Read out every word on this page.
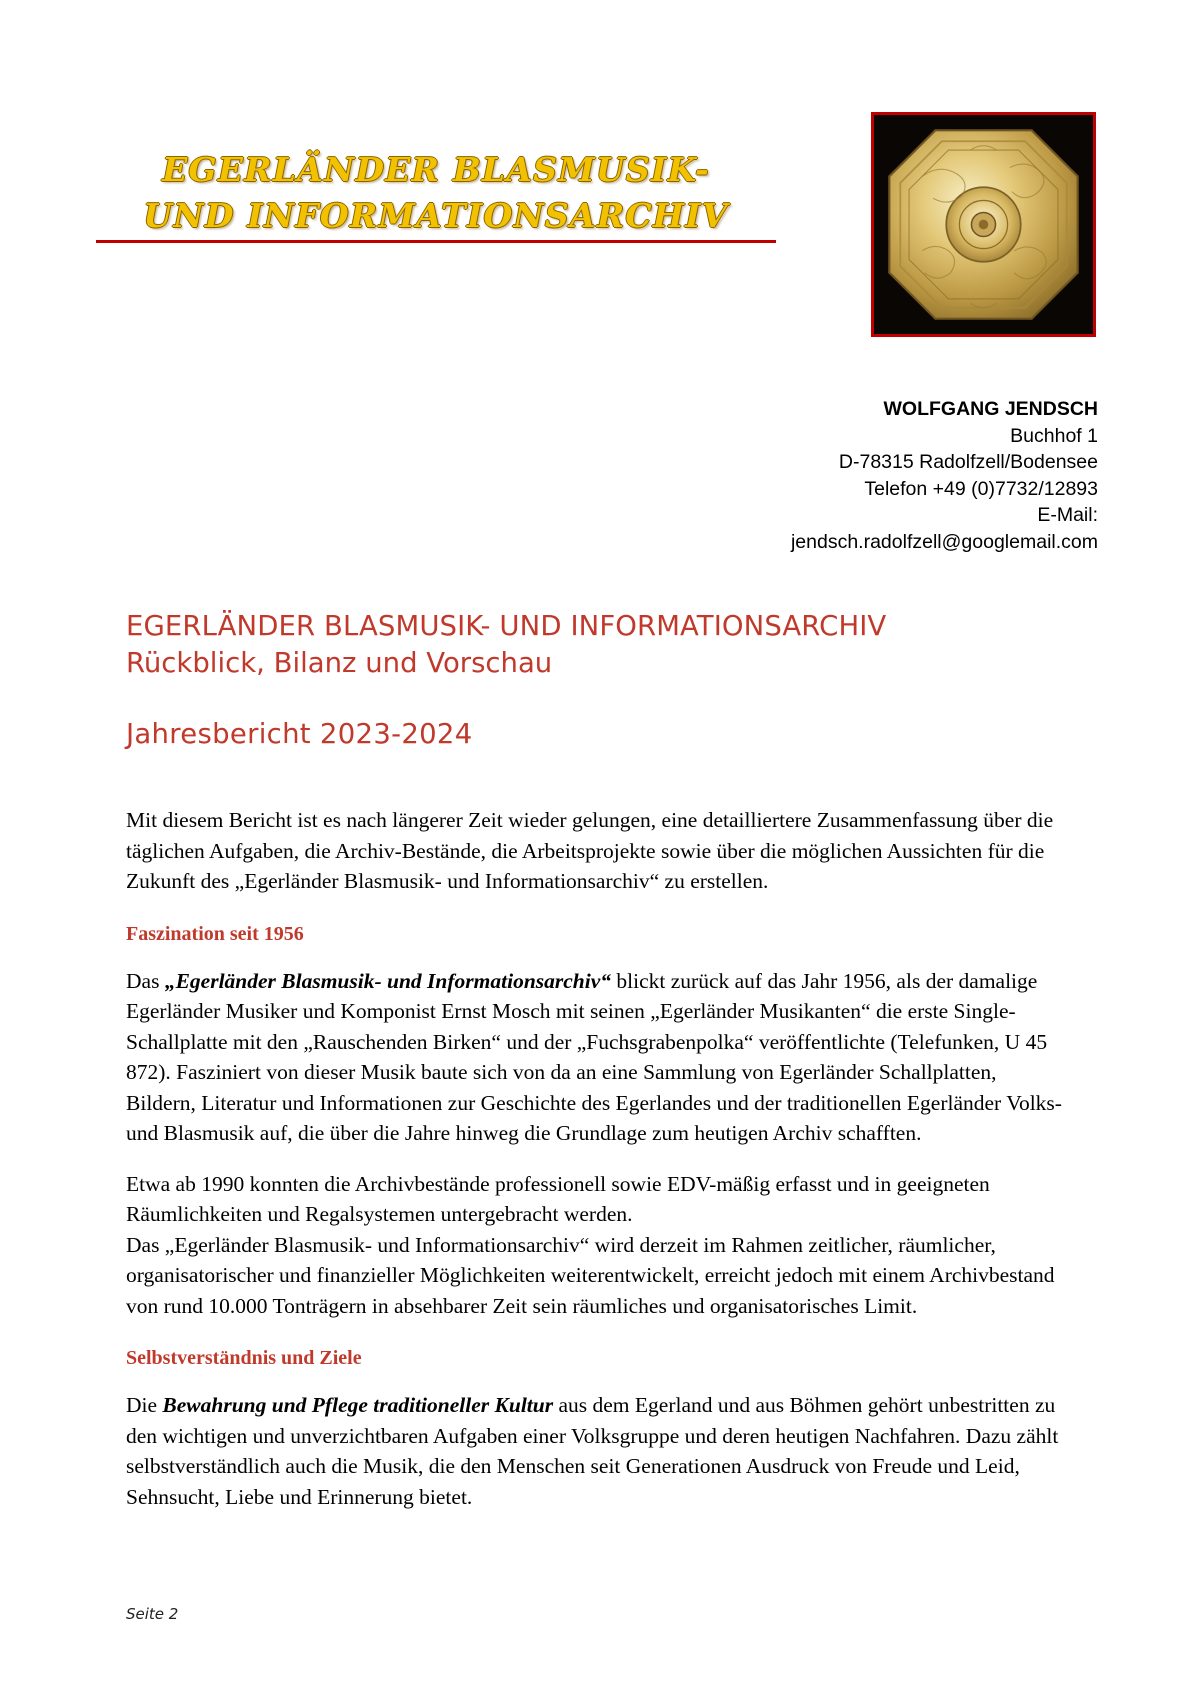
EGERLÄNDER BLASMUSIK-
UND INFORMATIONSARCHIV
WOLFGANG JENDSCH
Buchhof 1
D-78315 Radolfzell/Bodensee
Telefon +49 (0)7732/12893
E-Mail:
jendsch.radolfzell@googlemail.com
EGERLÄNDER BLASMUSIK- UND INFORMATIONSARCHIV
Rückblick, Bilanz und Vorschau
Jahresbericht 2023-2024

Mit diesem Bericht ist es nach längerer Zeit wieder gelungen, eine detailliertere Zusammenfassung über die täglichen Aufgaben, die Archiv-Bestände, die Arbeitsprojekte sowie über die möglichen Aussichten für die Zukunft des „Egerländer Blasmusik- und Informationsarchiv“ zu erstellen.

Faszination seit 1956

Das „Egerländer Blasmusik- und Informationsarchiv“ blickt zurück auf das Jahr 1956, als der damalige Egerländer Musiker und Komponist Ernst Mosch mit seinen „Egerländer Musikanten“ die erste Single-Schallplatte mit den „Rauschenden Birken“ und der „Fuchsgrabenpolka“ veröffentlichte (Telefunken, U 45 872). Fasziniert von dieser Musik baute sich von da an eine Sammlung von Egerländer Schallplatten, Bildern, Literatur und Informationen zur Geschichte des Egerlandes und der traditionellen Egerländer Volks- und Blasmusik auf, die über die Jahre hinweg die Grundlage zum heutigen Archiv schafften.

Etwa ab 1990 konnten die Archivbestände professionell sowie EDV-mäßig erfasst und in geeigneten Räumlichkeiten und Regalsystemen untergebracht werden.

Das „Egerländer Blasmusik- und Informationsarchiv“ wird derzeit im Rahmen zeitlicher, räumlicher, organisatorischer und finanzieller Möglichkeiten weiterentwickelt, erreicht jedoch mit einem Archivbestand von rund 10.000 Tonträgern in absehbarer Zeit sein räumliches und organisatorisches Limit.

Selbstverständnis und Ziele

Die Bewahrung und Pflege traditioneller Kultur aus dem Egerland und aus Böhmen gehört unbestritten zu den wichtigen und unverzichtbaren Aufgaben einer Volksgruppe und deren heutigen Nachfahren. Dazu zählt selbstverständlich auch die Musik, die den Menschen seit Generationen Ausdruck von Freude und Leid, Sehnsucht, Liebe und Erinnerung bietet.

Seite 2
